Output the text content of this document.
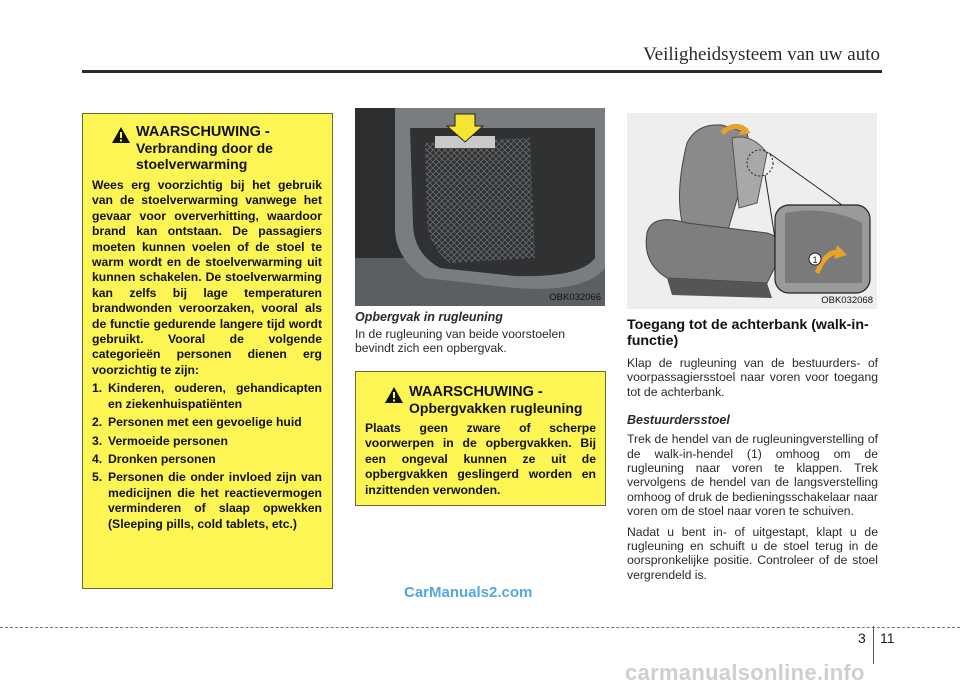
Veiligheidsysteem van uw auto
WAARSCHUWING -
Verbranding door de stoelverwarming
Wees erg voorzichtig bij het gebruik van de stoelverwarming vanwege het gevaar voor oververhitting, waardoor brand kan ontstaan. De passagiers moeten kunnen voelen of de stoel te warm wordt en de stoelverwarming uit kunnen schakelen. De stoelverwarming kan zelfs bij lage temperaturen brandwonden veroorzaken, vooral als de functie gedurende langere tijd wordt gebruikt. Vooral de volgende categorieën personen dienen erg voorzichtig te zijn:
1. Kinderen, ouderen, gehandicapten en ziekenhuispatiënten
2. Personen met een gevoelige huid
3. Vermoeide personen
4. Dronken personen
5. Personen die onder invloed zijn van medicijnen die het reactievermogen verminderen of slaap opwekken (Sleeping pills, cold tablets, etc.)
OBK032066
Opbergvak in rugleuning
In de rugleuning van beide voorstoelen bevindt zich een opbergvak.
WAARSCHUWING -
Opbergvakken rugleuning
Plaats geen zware of scherpe voorwerpen in de opbergvakken. Bij een ongeval kunnen ze uit de opbergvakken geslingerd worden en inzittenden verwonden.
1
OBK032068
Toegang tot de achterbank (walk-in-functie)
Klap de rugleuning van de bestuurders- of voorpassagiersstoel naar voren voor toegang tot de achterbank.
Bestuurdersstoel
Trek de hendel van de rugleuningverstelling of de walk-in-hendel (1) omhoog om de rugleuning naar voren te klappen. Trek vervolgens de hendel van de langsverstelling omhoog of druk de bedieningsschakelaar naar voren om de stoel naar voren te schuiven.
Nadat u bent in- of uitgestapt, klapt u de rugleuning en schuift u de stoel terug in de oorspronkelijke positie. Controleer of de stoel vergrendeld is.
3 11
CarManuals2.com
carmanualsonline.info
